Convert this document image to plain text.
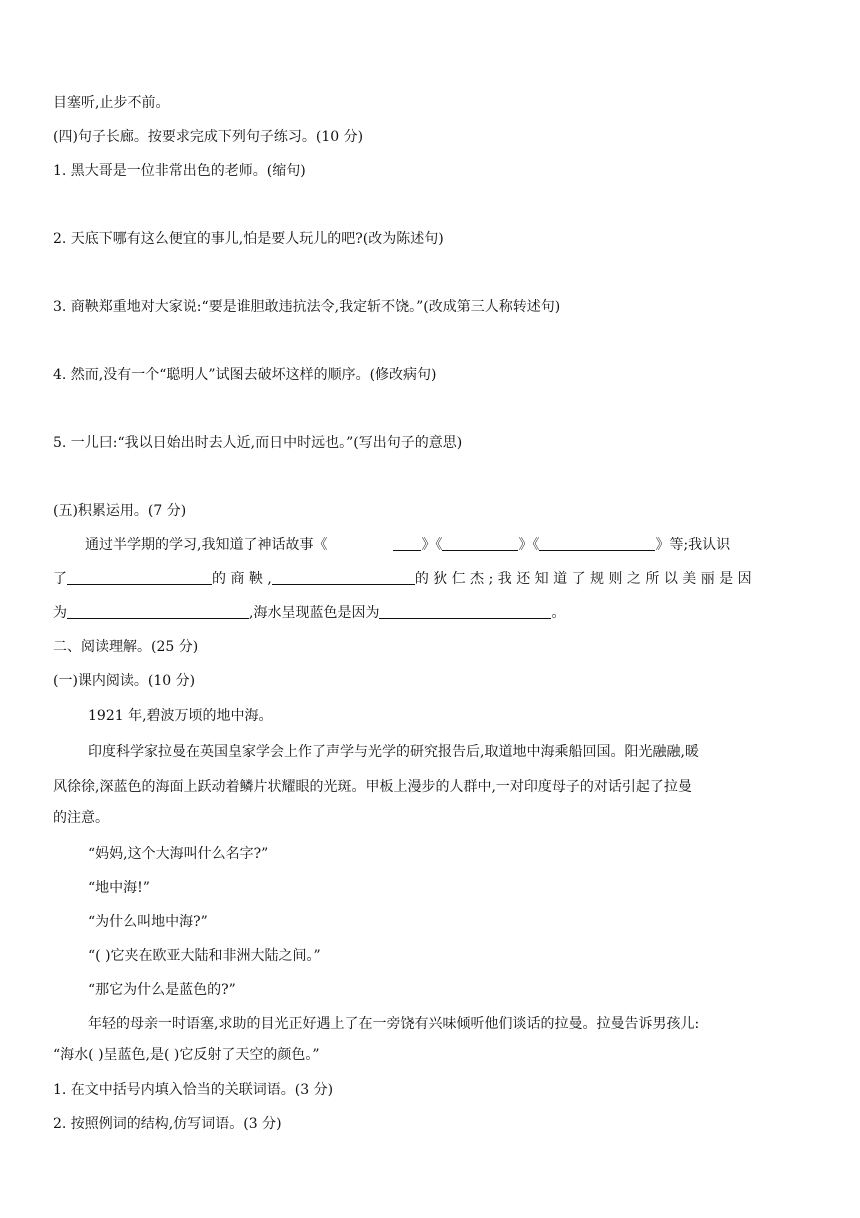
目塞听,止步不前。
(四)句子长廊。按要求完成下列句子练习。(10 分)
1. 黑大哥是一位非常出色的老师。(缩句)
2. 天底下哪有这么便宜的事儿,怕是要人玩儿的吧?(改为陈述句)
3. 商鞅郑重地对大家说:“要是谁胆敢违抗法令,我定斩不饶。”(改成第三人称转述句)
4. 然而,没有一个“聪明人”试图去破坏这样的顺序。(修改病句)
5. 一儿曰:“我以日始出时去人近,而日中时远也。”(写出句子的意思)
(五)积累运用。(7 分)
通过半学期的学习,我知道了神话故事《	》《	》《	》等;我认识
了	的 商 鞅 ,	的 狄 仁 杰 ; 我 还 知 道 了 规 则 之 所 以 美 丽 是 因
为	,海水呈现蓝色是因为	。
二、阅读理解。(25 分)
(一)课内阅读。(10 分)
1921 年,碧波万顷的地中海。
印度科学家拉曼在英国皇家学会上作了声学与光学的研究报告后,取道地中海乘船回国。阳光融融,暖
风徐徐,深蓝色的海面上跃动着鳞片状耀眼的光斑。甲板上漫步的人群中,一对印度母子的对话引起了拉曼
的注意。
“妈妈,这个大海叫什么名字?”
“地中海!”
“为什么叫地中海?”
“( )它夹在欧亚大陆和非洲大陆之间。”
“那它为什么是蓝色的?”
年轻的母亲一时语塞,求助的目光正好遇上了在一旁饶有兴味倾听他们谈话的拉曼。拉曼告诉男孩儿:
“海水( )呈蓝色,是( )它反射了天空的颜色。”
1. 在文中括号内填入恰当的关联词语。(3 分)
2. 按照例词的结构,仿写词语。(3 分)
